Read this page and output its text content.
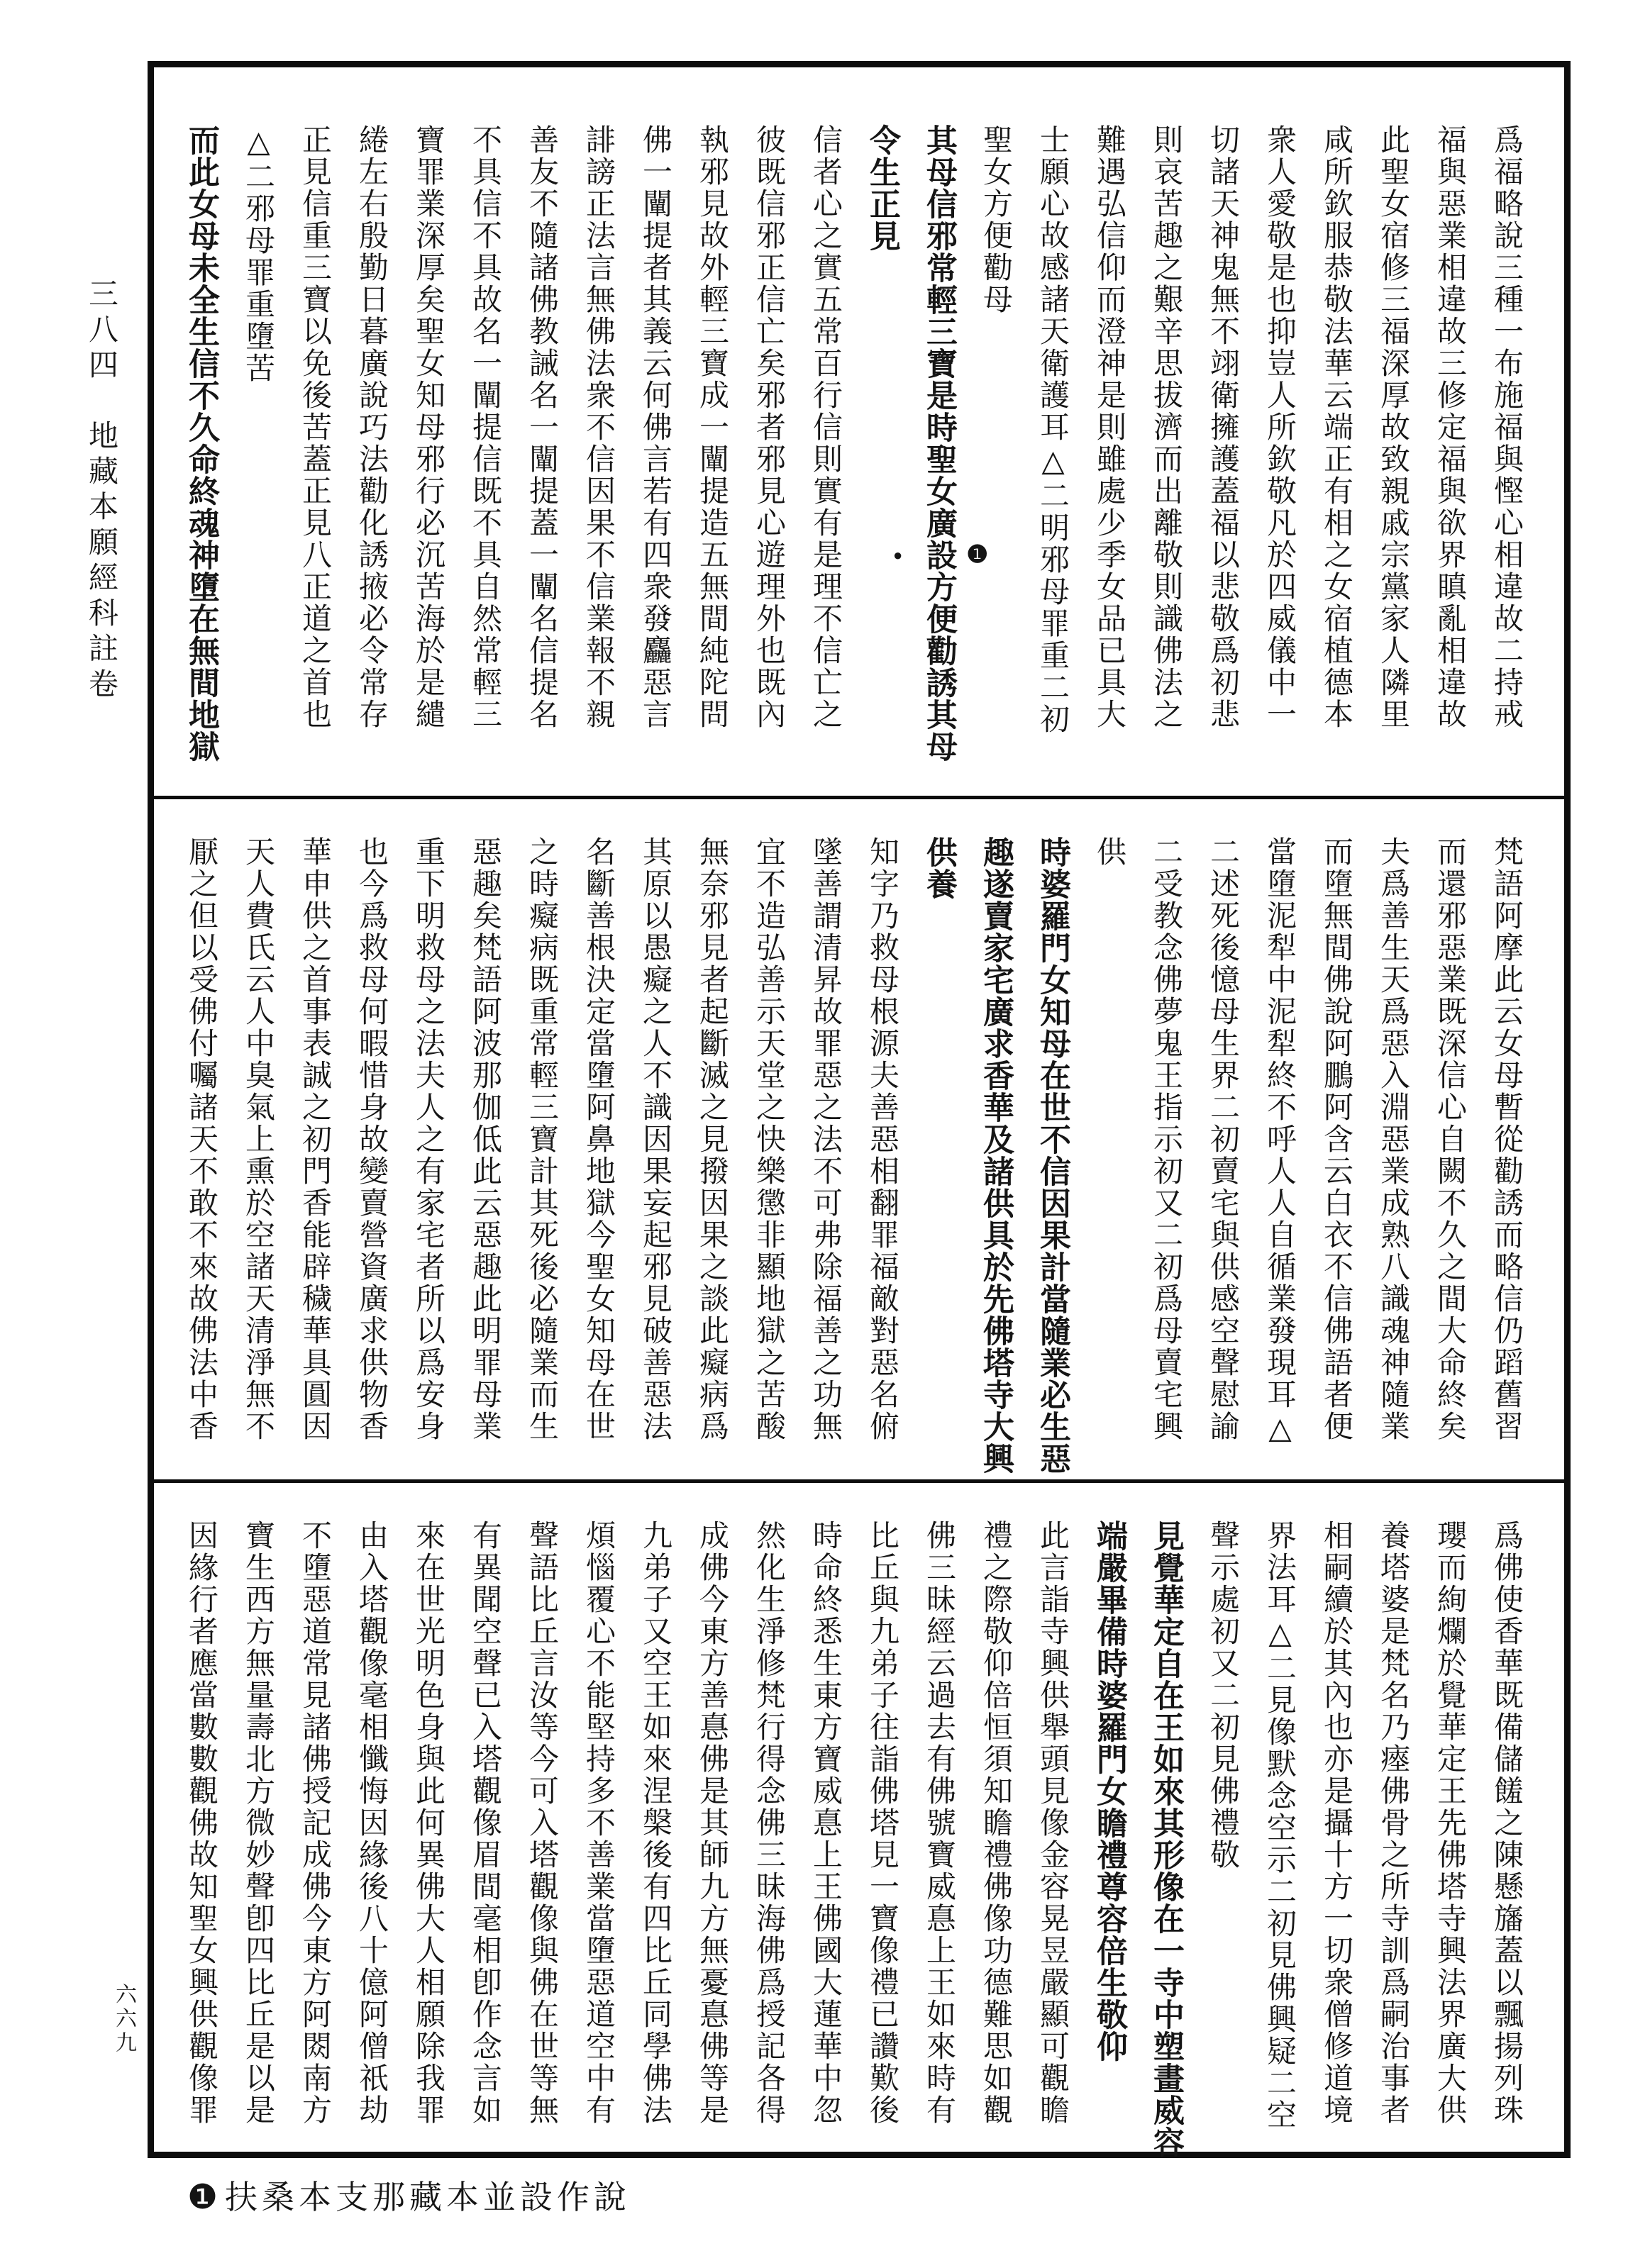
爲福略說三種一布施福與慳心相違故二持戒
福與惡業相違故三修定福與欲界瞋亂相違故
此聖女宿修三福深厚故致親戚宗黨家人隣里
咸所欽服恭敬法華云端正有相之女宿植德本
衆人愛敬是也抑豈人所欽敬凡於四威儀中一
切諸天神鬼無不翊衛擁護蓋福以悲敬爲初悲
則哀苦趣之艱辛思拔濟而出離敬則識佛法之
難遇弘信仰而澄神是則雖處少季女品已具大
士願心故感諸天衛護耳△二明邪母罪重二初
聖女方便勸母
其母信邪常輕三寶是時聖女廣設
●	❶
方便勸誘其母
令生正見
信者心之實五常百行信則實有是理不信亡之
彼既信邪正信亡矣邪者邪見心遊理外也既內
執邪見故外輕三寶成一闡提造五無間純陀問
佛一闡提者其義云何佛言若有四衆發麤惡言
誹謗正法言無佛法衆不信因果不信業報不親
善友不隨諸佛教誡名一闡提蓋一闡名信提名
不具信不具故名一闡提信既不具自然常輕三
寶罪業深厚矣聖女知母邪行必沉苦海於是繾
綣左右殷勤日暮廣說巧法勸化誘掖必令常存
正見信重三寶以免後苦蓋正見八正道之首也
△二邪母罪重墮苦
而此女母未全生信不久命終魂神墮在無間地獄
梵語阿摩此云女母暫從勸誘而略信仍蹈舊習
而還邪惡業既深信心自闕不久之間大命終矣
夫爲善生天爲惡入淵惡業成熟八識魂神隨業
而墮無間佛說阿鵬阿含云白衣不信佛語者便
當墮泥犁中泥犁終不呼人人自循業發現耳△
二述死後憶母生界二初賣宅與供感空聲慰諭
二受教念佛夢鬼王指示初又二初爲母賣宅興
供
時婆羅門女知母在世不信因果計當隨業必生惡
趣遂賣家宅廣求香華及諸供具於先佛塔寺大興
供養
知字乃救母根源夫善惡相翻罪福敵對惡名俯
墜善謂清昇故罪惡之法不可弗除福善之功無
宜不造弘善示天堂之快樂懲非顯地獄之苦酸
無奈邪見者起斷滅之見撥因果之談此癡病爲
其原以愚癡之人不識因果妄起邪見破善惡法
名斷善根決定當墮阿鼻地獄今聖女知母在世
之時癡病既重常輕三寶計其死後必隨業而生
惡趣矣梵語阿波那伽低此云惡趣此明罪母業
重下明救母之法夫人之有家宅者所以爲安身
也今爲救母何暇惜身故變賣營資廣求供物香
華申供之首事表誠之初門香能辟穢華具圓因
天人費氏云人中臭氣上熏於空諸天清淨無不
厭之但以受佛付囑諸天不敢不來故佛法中香
爲佛使香華既備儲饈之陳懸旛蓋以飄揚列珠
瓔而絢爛於覺華定王先佛塔寺興法界廣大供
養塔婆是梵名乃瘞佛骨之所寺訓爲嗣治事者
相嗣續於其內也亦是攝十方一切衆僧修道境
界法耳△二見像默念空示二初見佛興疑二空
聲示處初又二初見佛禮敬
見覺華定自在王如來其形像在一寺中塑畫威容
端嚴畢備時婆羅門女瞻禮尊容倍生敬仰
此言詣寺興供舉頭見像金容晃昱嚴顯可觀瞻
禮之際敬仰倍恒須知瞻禮佛像功德難思如觀
佛三昧經云過去有佛號寶威惪上王如來時有
比丘與九弟子往詣佛塔見一寶像禮已讚歎後
時命終悉生東方寶威惪上王佛國大蓮華中忽
然化生淨修梵行得念佛三昧海佛爲授記各得
成佛今東方善惪佛是其師九方無憂惪佛等是
九弟子又空王如來涅槃後有四比丘同學佛法
煩惱覆心不能堅持多不善業當墮惡道空中有
聲語比丘言汝等今可入塔觀像與佛在世等無
有異聞空聲已入塔觀像眉間毫相卽作念言如
來在世光明色身與此何異佛大人相願除我罪
由入塔觀像毫相懺悔因緣後八十億阿僧祇劫
不墮惡道常見諸佛授記成佛今東方阿閦南方
寶生西方無量壽北方微妙聲卽四比丘是以是
因緣行者應當數數觀佛故知聖女興供觀像罪
三八四　地藏本願經科註卷
六六九
❶扶桑本支那藏本並設作說
